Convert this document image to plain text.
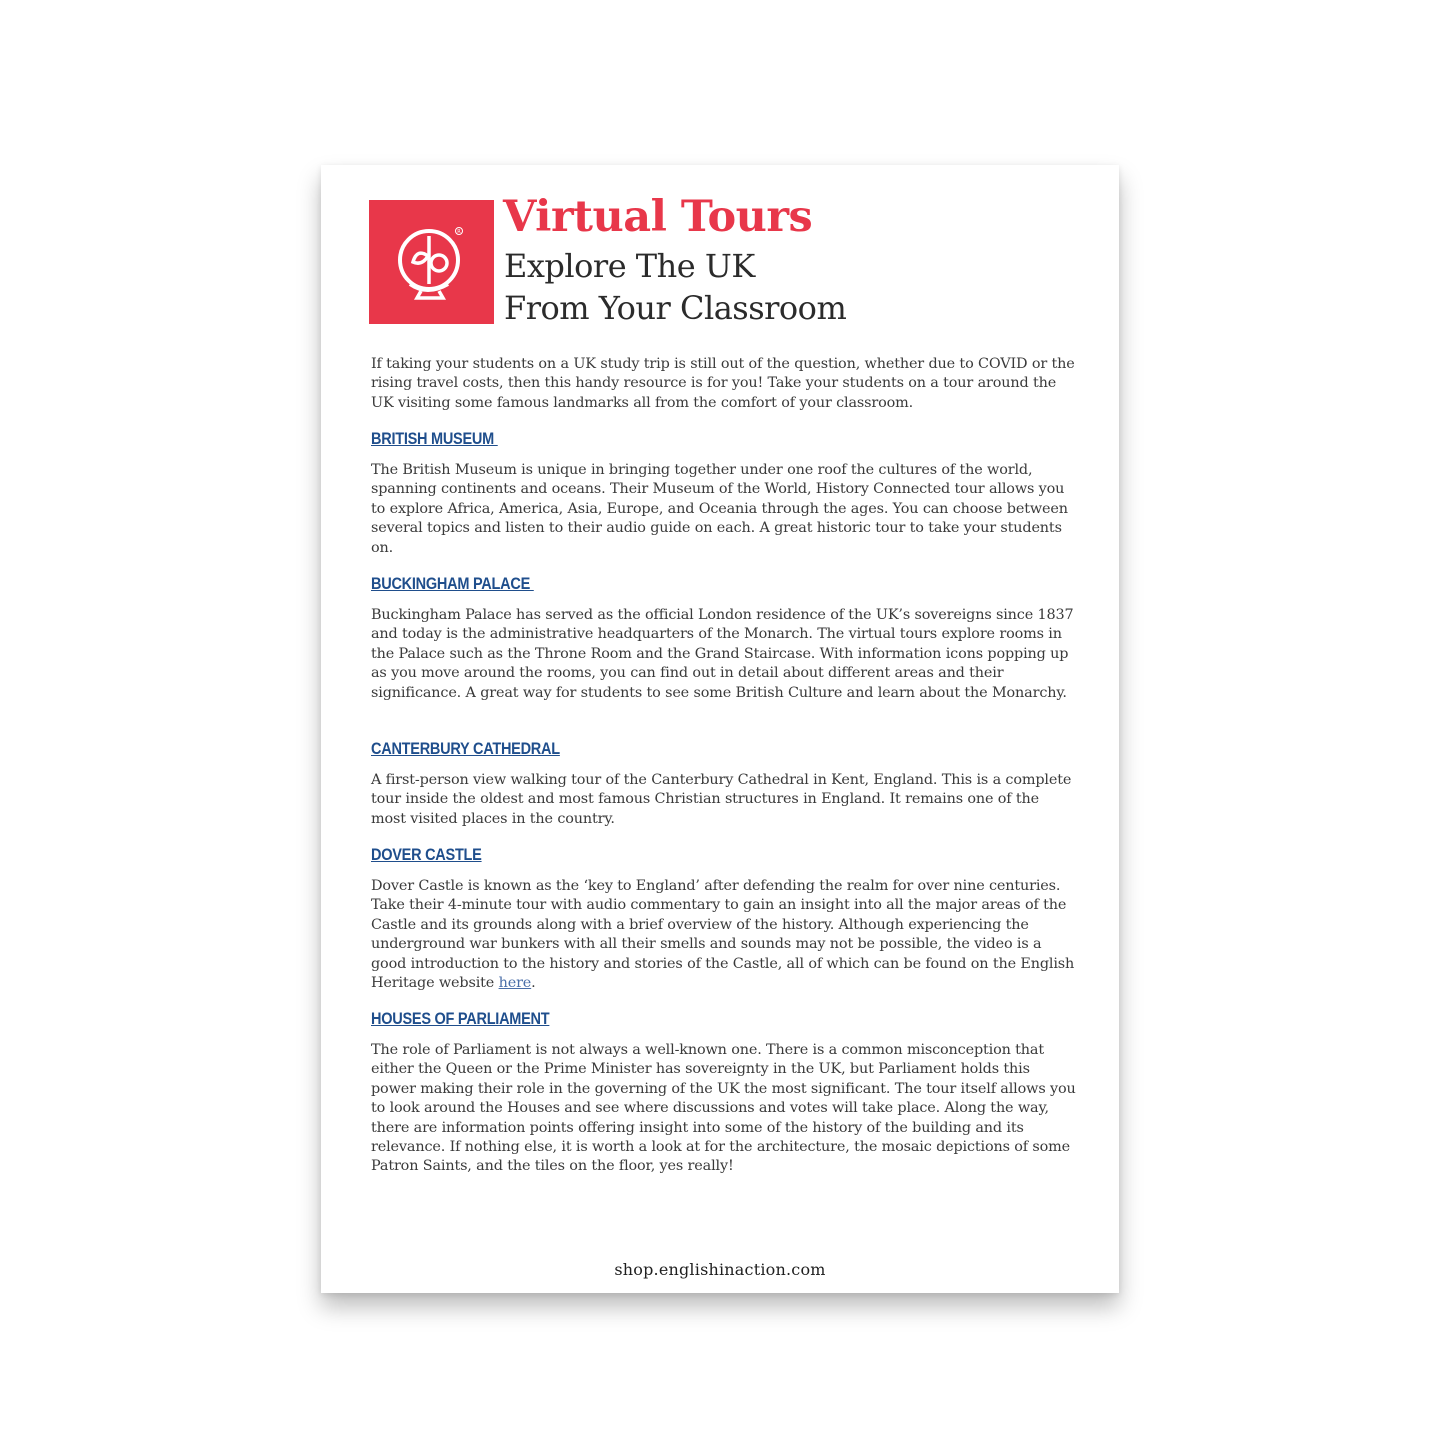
R Virtual Tours
Explore The UK
From Your Classroom

If taking your students on a UK study trip is still out of the question, whether due to COVID or the rising travel costs, then this handy resource is for you! Take your students on a tour around the UK visiting some famous landmarks all from the comfort of your classroom.

BRITISH MUSEUM

The British Museum is unique in bringing together under one roof the cultures of the world, spanning continents and oceans. Their Museum of the World, History Connected tour allows you to explore Africa, America, Asia, Europe, and Oceania through the ages. You can choose between several topics and listen to their audio guide on each. A great historic tour to take your students on.

BUCKINGHAM PALACE

Buckingham Palace has served as the official London residence of the UK’s sovereigns since 1837 and today is the administrative headquarters of the Monarch. The virtual tours explore rooms in the Palace such as the Throne Room and the Grand Staircase. With information icons popping up as you move around the rooms, you can find out in detail about different areas and their significance. A great way for students to see some British Culture and learn about the Monarchy.

CANTERBURY CATHEDRAL

A first-person view walking tour of the Canterbury Cathedral in Kent, England. This is a complete tour inside the oldest and most famous Christian structures in England. It remains one of the most visited places in the country.

DOVER CASTLE

Dover Castle is known as the ‘key to England’ after defending the realm for over nine centuries. Take their 4-minute tour with audio commentary to gain an insight into all the major areas of the Castle and its grounds along with a brief overview of the history. Although experiencing the underground war bunkers with all their smells and sounds may not be possible, the video is a good introduction to the history and stories of the Castle, all of which can be found on the English Heritage website here.

HOUSES OF PARLIAMENT

The role of Parliament is not always a well-known one. There is a common misconception that either the Queen or the Prime Minister has sovereignty in the UK, but Parliament holds this power making their role in the governing of the UK the most significant. The tour itself allows you to look around the Houses and see where discussions and votes will take place. Along the way, there are information points offering insight into some of the history of the building and its relevance. If nothing else, it is worth a look at for the architecture, the mosaic depictions of some Patron Saints, and the tiles on the floor, yes really!

shop.englishinaction.com
